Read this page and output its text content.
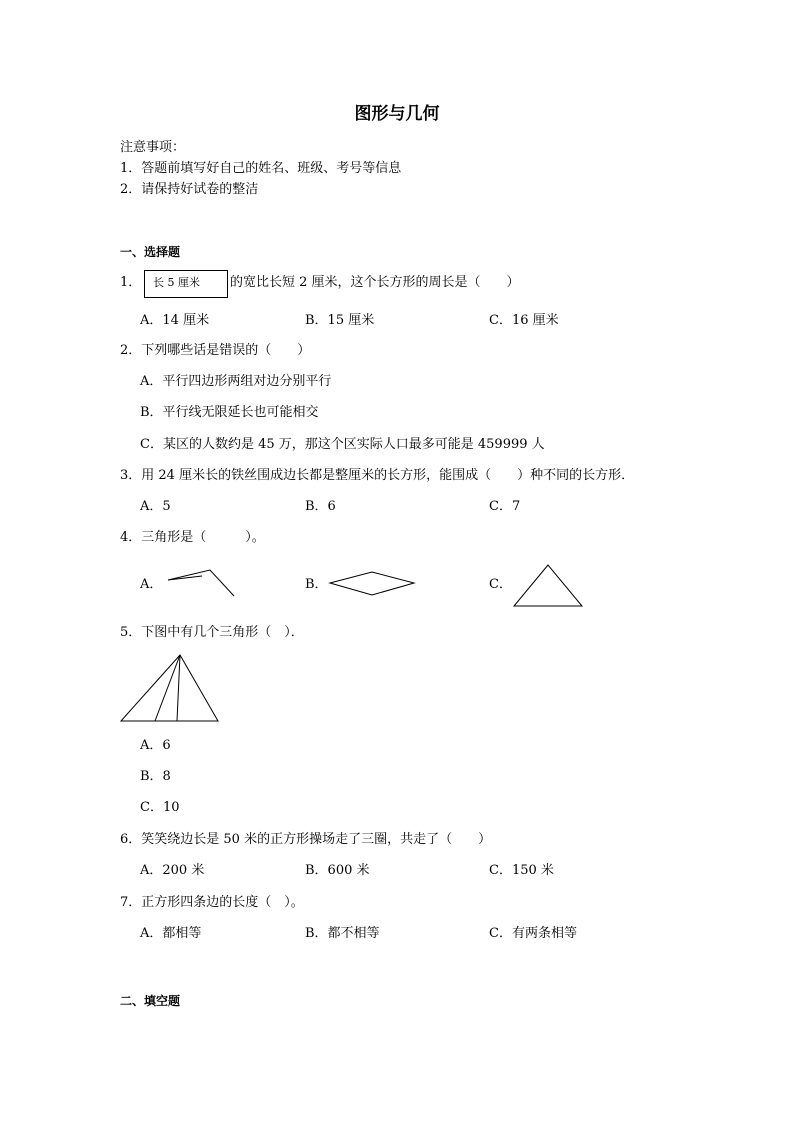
图形与几何
注意事项：
1．答题前填写好自己的姓名、班级、考号等信息
2．请保持好试卷的整洁
一、选择题
1．	长 5 厘米	的宽比长短 2 厘米，这个长方形的周长是（　　）
A．14 厘米	B．15 厘米	C．16 厘米
2．下列哪些话是错误的（　　）
A．平行四边形两组对边分别平行
B．平行线无限延长也可能相交
C．某区的人数约是 45 万，那这个区实际人口最多可能是 459999 人
3．用 24 厘米长的铁丝围成边长都是整厘米的长方形，能围成（　　）种不同的长方形．
A．5	B．6	C．7
4．三角形是（　　　）。
A．	B．	C．
5．下图中有几个三角形（　）．
A．6
B．8
C．10
6．笑笑绕边长是 50 米的正方形操场走了三圈，共走了（　　）
A．200 米	B．600 米	C．150 米
7．正方形四条边的长度（　）。
A．都相等	B．都不相等	C．有两条相等
二、填空题
